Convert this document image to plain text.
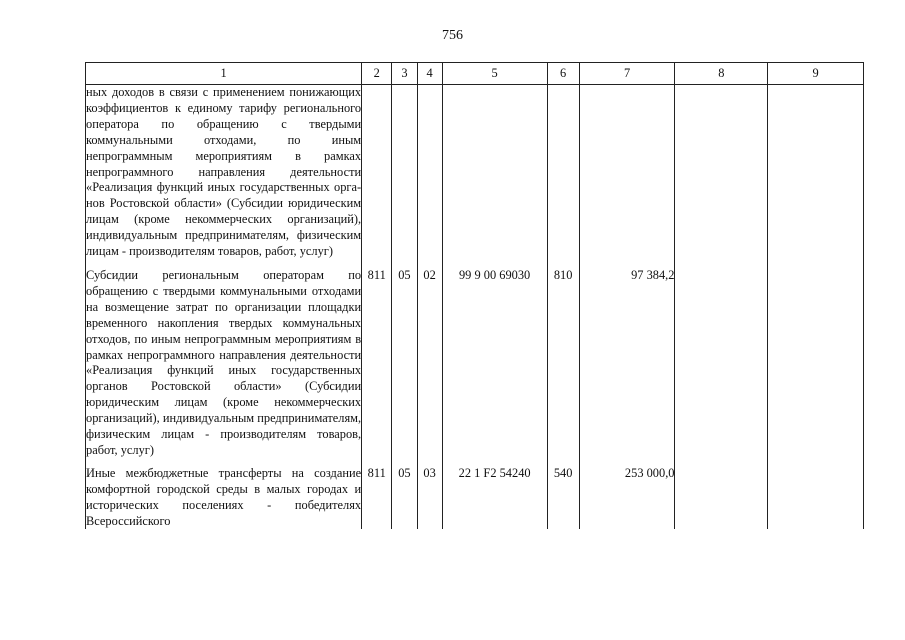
756
1	2	3	4	5	6	7	8	9
ных доходов в связи с применением понижающих коэффициентов к единому тарифу регионального оператора по обращению с твердыми коммунальными отходами, по иным непрограммным мероприятиям в рамках непрограммного направления деятельности «Реализация функций иных государственных органов Ростовской области» (Субсидии юридическим лицам (кроме некоммерческих организаций), индивидуальным предпринимателям, физическим лицам - производителям товаров, работ, услуг)								
Субсидии региональным операторам по обращению с твердыми коммунальными отходами на возмещение затрат по организации площадки временного накопления твердых коммунальных отходов, по иным непрограммным мероприятиям в рамках непрограммного направления деятельности «Реализация функций иных государственных органов Ростовской области» (Субсидии юридическим лицам (кроме некоммерческих организаций), индивидуальным предпринимателям, физическим лицам - производителям товаров, работ, услуг)	811	05	02	99 9 00 69030	810	97 384,2		
Иные межбюджетные трансферты на создание комфортной городской среды в малых городах и исторических поселениях - победителях Всероссийского	811	05	03	22 1 F2 54240	540	253 000,0		
